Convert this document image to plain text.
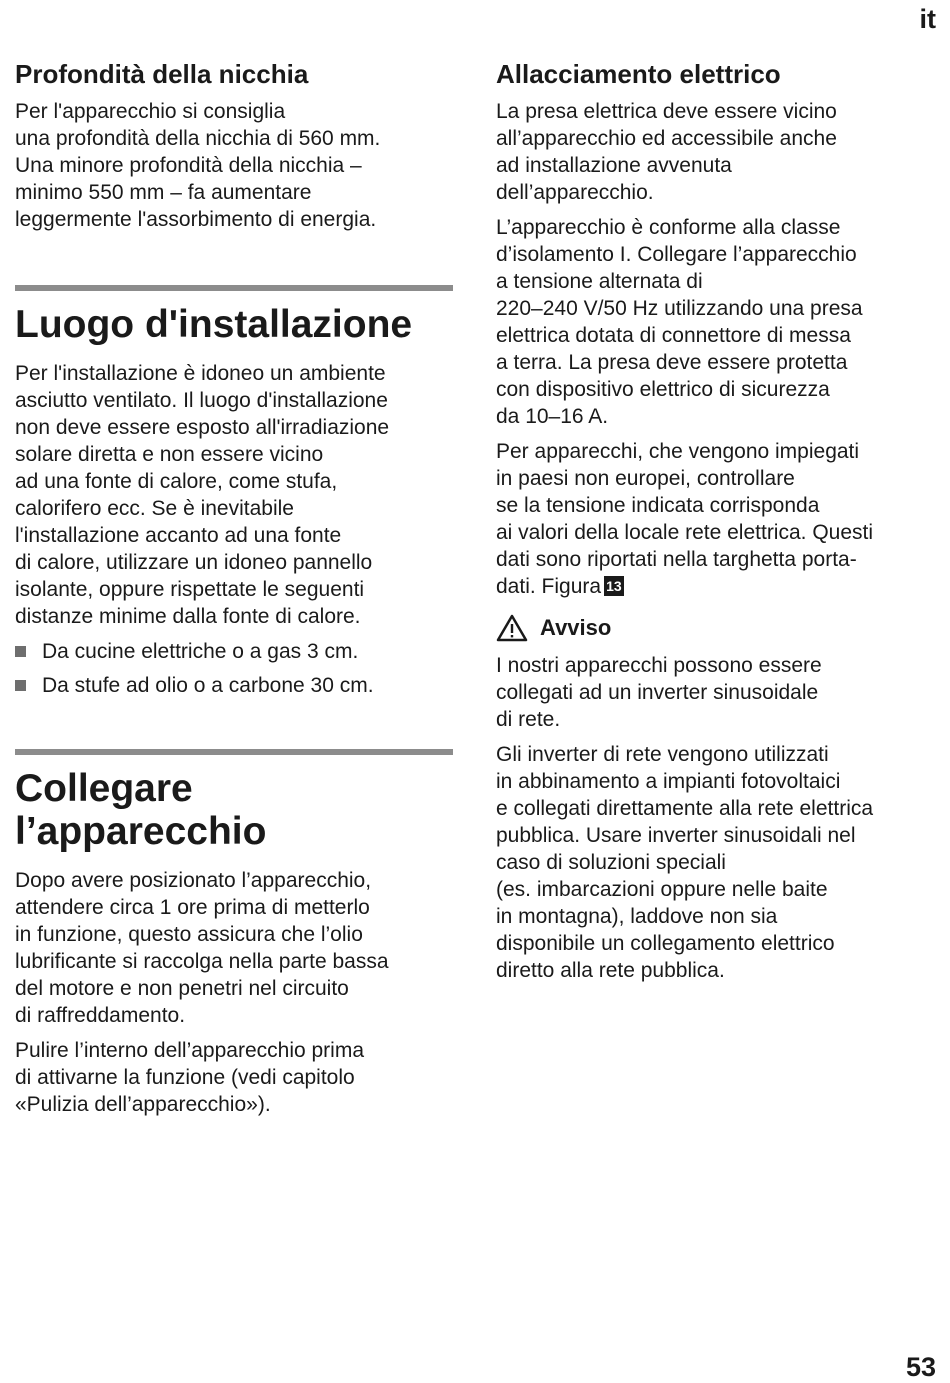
it
Profondità della nicchia

Per l'apparecchio si consiglia
una profondità della nicchia di 560 mm.
Una minore profondità della nicchia –
minimo 550 mm – fa aumentare
leggermente l'assorbimento di energia.

Luogo d'installazione

Per l'installazione è idoneo un ambiente
asciutto ventilato. Il luogo d'installazione
non deve essere esposto all'irradiazione
solare diretta e non essere vicino
ad una fonte di calore, come stufa,
calorifero ecc. Se è inevitabile
l'installazione accanto ad una fonte
di calore, utilizzare un idoneo pannello
isolante, oppure rispettate le seguenti
distanze minime dalla fonte di calore.

Da cucine elettriche o a gas 3 cm.
Da stufe ad olio o a carbone 30 cm.
Collegare
l’apparecchio

Dopo avere posizionato l’apparecchio,
attendere circa 1 ore prima di metterlo
in funzione, questo assicura che l’olio
lubrificante si raccolga nella parte bassa
del motore e non penetri nel circuito
di raffreddamento.

Pulire l’interno dell’apparecchio prima
di attivarne la funzione (vedi capitolo
«Pulizia dell’apparecchio»).

Allacciamento elettrico

La presa elettrica deve essere vicino
all’apparecchio ed accessibile anche
ad installazione avvenuta
dell’apparecchio.

L’apparecchio è conforme alla classe
d’isolamento I. Collegare l’apparecchio
a tensione alternata di
220–240 V/50 Hz utilizzando una presa
elettrica dotata di connettore di messa
a terra. La presa deve essere protetta
con dispositivo elettrico di sicurezza
da 10–16 A.

Per apparecchi, che vengono impiegati
in paesi non europei, controllare
se la tensione indicata corrisponda
ai valori della locale rete elettrica. Questi
dati sono riportati nella targhetta porta-
dati. Figura 13

Avviso

I nostri apparecchi possono essere
collegati ad un inverter sinusoidale
di rete.

Gli inverter di rete vengono utilizzati
in abbinamento a impianti fotovoltaici
e collegati direttamente alla rete elettrica
pubblica. Usare inverter sinusoidali nel
caso di soluzioni speciali
(es. imbarcazioni oppure nelle baite
in montagna), laddove non sia
disponibile un collegamento elettrico
diretto alla rete pubblica.

53
